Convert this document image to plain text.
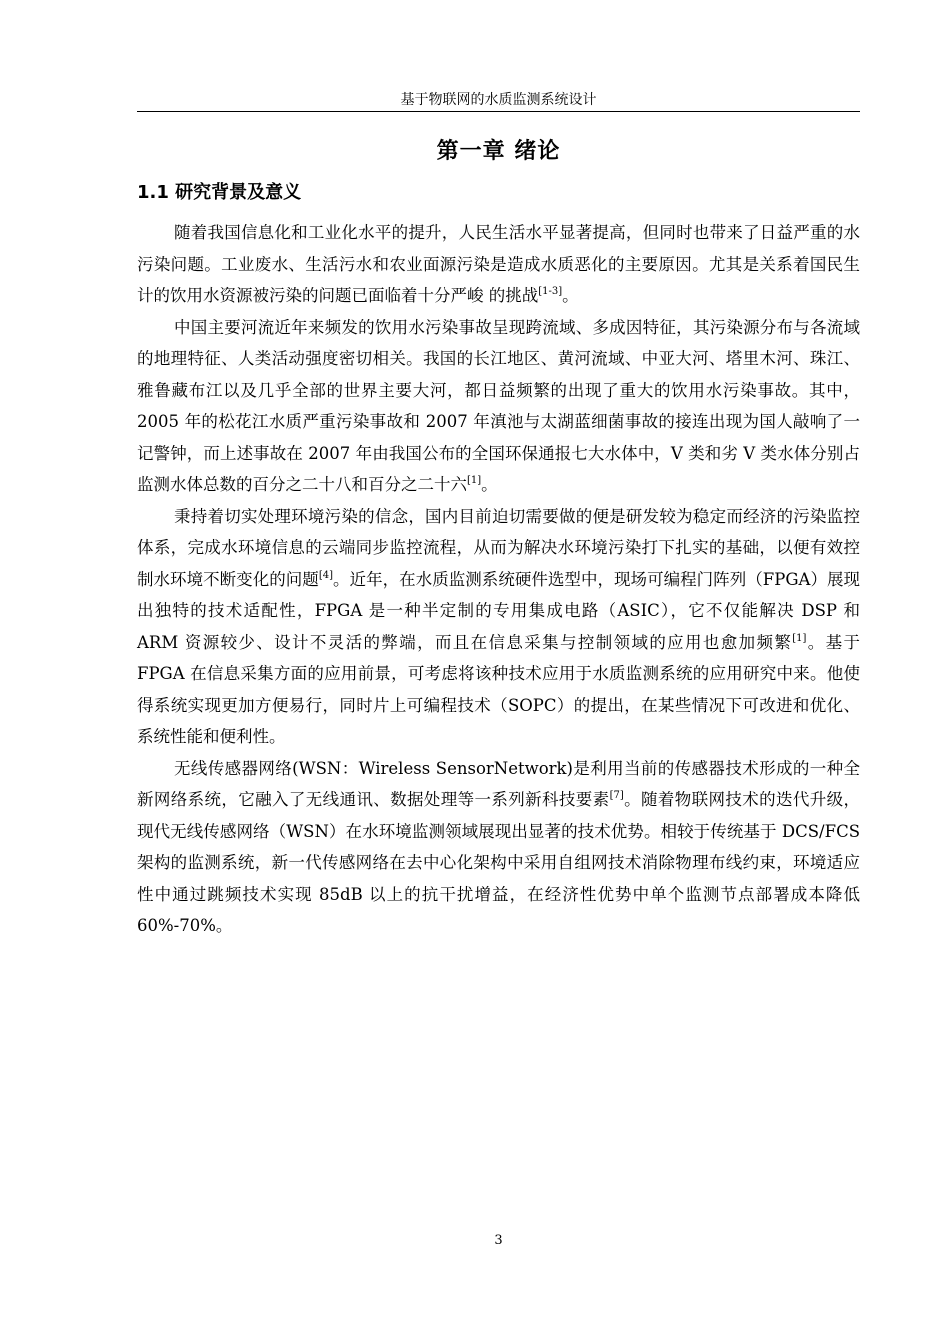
基于物联网的水质监测系统设计
第一章 绪论
1.1 研究背景及意义

随着我国信息化和工业化水平的提升，人民生活水平显著提高，但同时也带来了日益严重的水污染问题。工业废水、生活污水和农业面源污染是造成水质恶化的主要原因。尤其是关系着国民生计的饮用水资源被污染的问题已面临着十分严峻 的挑战[1-3]。

中国主要河流近年来频发的饮用水污染事故呈现跨流域、多成因特征，其污染源分布与各流域的地理特征、人类活动强度密切相关。我国的长江地区、黄河流域、中亚大河、塔里木河、珠江、雅鲁藏布江以及几乎全部的世界主要大河，都日益频繁的出现了重大的饮用水污染事故。其中，2005 年的松花江水质严重污染事故和 2007 年滇池与太湖蓝细菌事故的接连出现为国人敲响了一记警钟，而上述事故在 2007 年由我国公布的全国环保通报七大水体中，V 类和劣 V 类水体分别占监测水体总数的百分之二十八和百分之二十六[1]。

秉持着切实处理环境污染的信念，国内目前迫切需要做的便是研发较为稳定而经济的污染监控体系，完成水环境信息的云端同步监控流程，从而为解决水环境污染打下扎实的基础，以便有效控制水环境不断变化的问题[4]。近年，在水质监测系统硬件选型中，现场可编程门阵列（FPGA）展现出独特的技术适配性，FPGA 是一种半定制的专用集成电路（ASIC），它不仅能解决 DSP 和 ARM 资源较少、设计不灵活的弊端，而且在信息采集与控制领域的应用也愈加频繁[1]。基于 FPGA 在信息采集方面的应用前景，可考虑将该种技术应用于水质监测系统的应用研究中来。他使得系统实现更加方便易行，同时片上可编程技术（SOPC）的提出，在某些情况下可改进和优化、系统性能和便利性。

无线传感器网络(WSN：Wireless SensorNetwork)是利用当前的传感器技术形成的一种全新网络系统，它融入了无线通讯、数据处理等一系列新科技要素[7]。随着物联网技术的迭代升级，现代无线传感网络（WSN）在水环境监测领域展现出显著的技术优势。相较于传统基于 DCS/FCS 架构的监测系统，新一代传感网络在去中心化架构中采用自组网技术消除物理布线约束，环境适应性中通过跳频技术实现 85dB 以上的抗干扰增益，在经济性优势中单个监测节点部署成本降低 60%-70%。

3
